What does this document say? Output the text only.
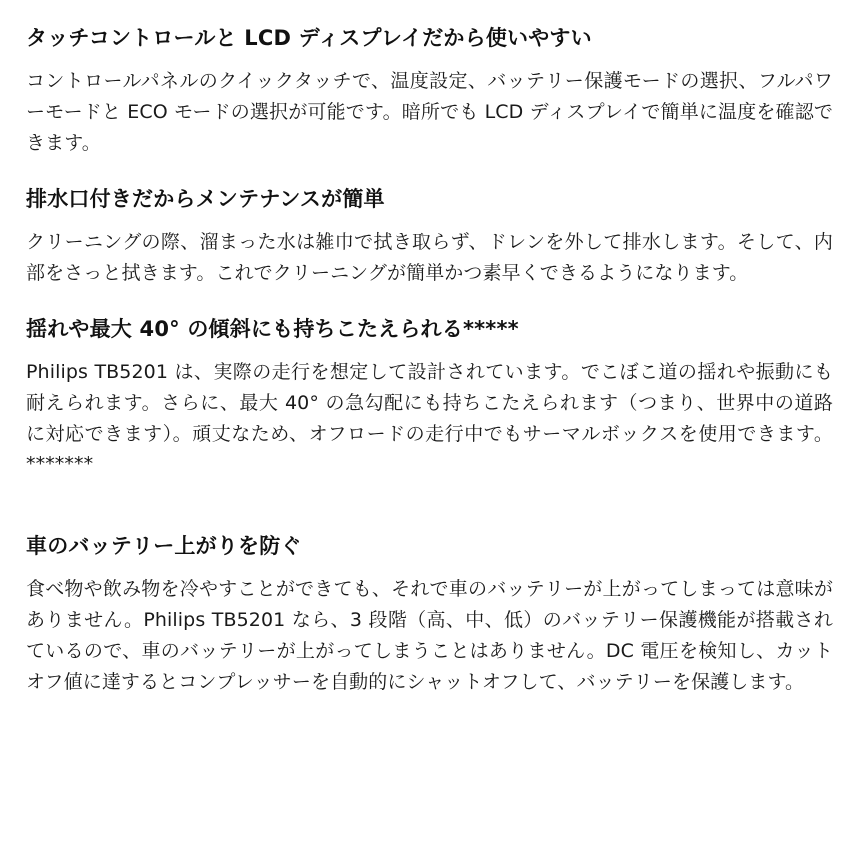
タッチコントロールと LCD ディスプレイだから使いやすい

コントロールパネルのクイックタッチで、温度設定、バッテリー保護モードの選択、フルパワーモードと ECO モードの選択が可能です。暗所でも LCD ディスプレイで簡単に温度を確認できます。

排水口付きだからメンテナンスが簡単

クリーニングの際、溜まった水は雑巾で拭き取らず、ドレンを外して排水します。そして、内部をさっと拭きます。これでクリーニングが簡単かつ素早くできるようになります。

揺れや最大 40° の傾斜にも持ちこたえられる*****

Philips TB5201 は、実際の走行を想定して設計されています。でこぼこ道の揺れや振動にも耐えられます。さらに、最大 40° の急勾配にも持ちこたえられます（つまり、世界中の道路に対応できます）。頑丈なため、オフロードの走行中でもサーマルボックスを使用できます。*******

車のバッテリー上がりを防ぐ

食べ物や飲み物を冷やすことができても、それで車のバッテリーが上がってしまっては意味がありません。Philips TB5201 なら、3 段階（高、中、低）のバッテリー保護機能が搭載されているので、車のバッテリーが上がってしまうことはありません。DC 電圧を検知し、カットオフ値に達するとコンプレッサーを自動的にシャットオフして、バッテリーを保護します。
